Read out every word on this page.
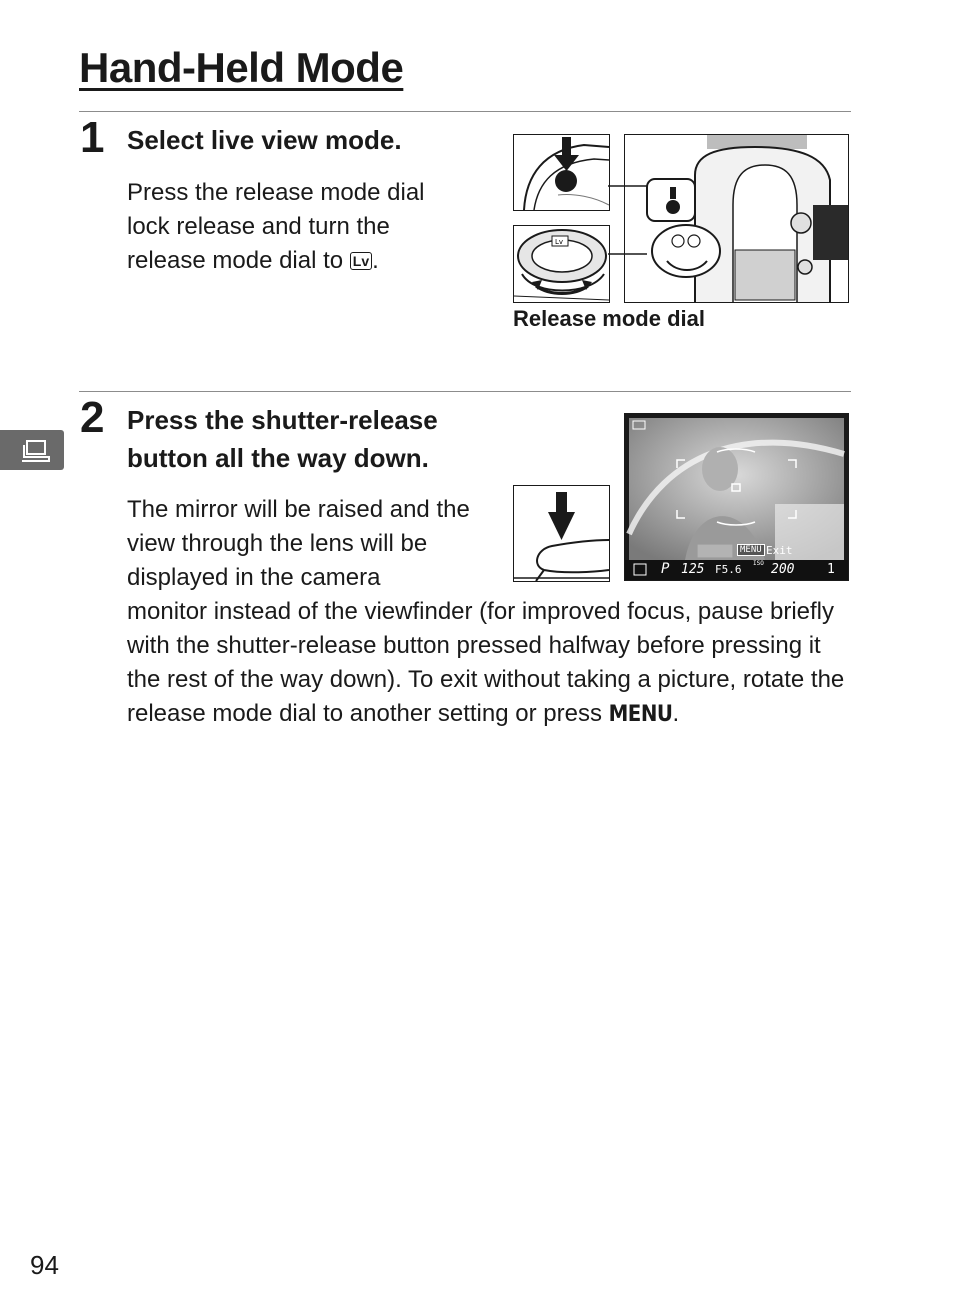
Hand-Held Mode
1 Select live view mode.

Press the release mode dial lock release and turn the release mode dial to Lv .

Lv

Release mode dial

2 Press the shutter-release
button all the way down.

The mirror will be raised and the view through the lens will be displayed in the camera

monitor instead of the viewfinder (for improved focus, pause briefly with the shutter-release button pressed halfway before pressing it the rest of the way down). To exit without taking a picture, rotate the release mode dial to another setting or press MENU.

MENU Exit
P 125 F5.6 ISO 200	1
94
